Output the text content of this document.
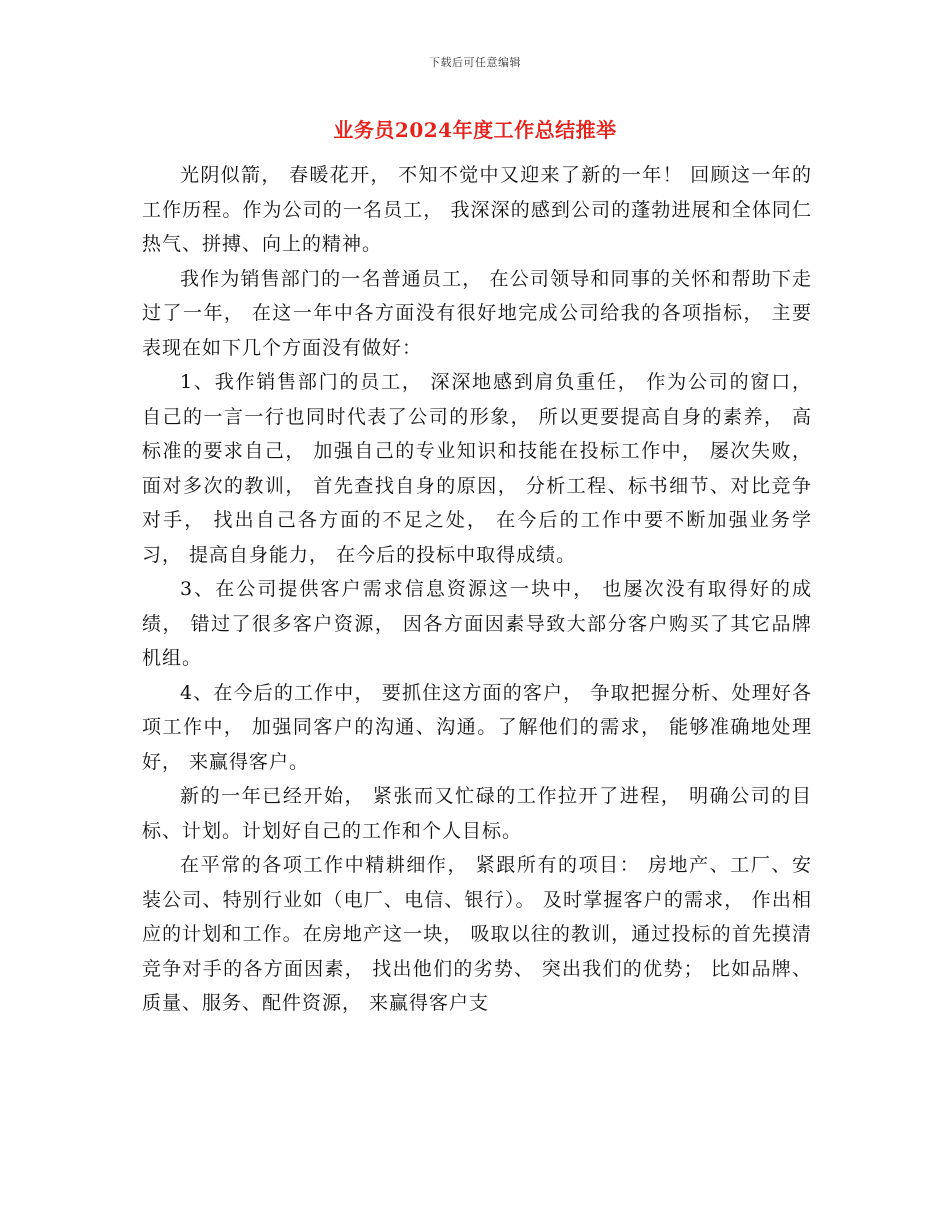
下载后可任意编辑
业务员2024年度工作总结推举

光阴似箭， 春暖花开， 不知不觉中又迎来了新的一年！ 回顾这一年的工作历程。作为公司的一名员工， 我深深的感到公司的蓬勃进展和全体同仁热气、拼搏、向上的精神。

我作为销售部门的一名普通员工， 在公司领导和同事的关怀和帮助下走过了一年， 在这一年中各方面没有很好地完成公司给我的各项指标， 主要表现在如下几个方面没有做好：

1、我作销售部门的员工， 深深地感到肩负重任， 作为公司的窗口， 自己的一言一行也同时代表了公司的形象， 所以更要提高自身的素养， 高标准的要求自己， 加强自己的专业知识和技能在投标工作中， 屡次失败， 面对多次的教训， 首先查找自身的原因， 分析工程、标书细节、对比竞争对手， 找出自己各方面的不足之处， 在今后的工作中要不断加强业务学习， 提高自身能力， 在今后的投标中取得成绩。

3、在公司提供客户需求信息资源这一块中， 也屡次没有取得好的成绩， 错过了很多客户资源， 因各方面因素导致大部分客户购买了其它品牌机组。

4、在今后的工作中， 要抓住这方面的客户， 争取把握分析、处理好各项工作中， 加强同客户的沟通、沟通。了解他们的需求， 能够准确地处理好， 来赢得客户。

新的一年已经开始， 紧张而又忙碌的工作拉开了进程， 明确公司的目标、计划。计划好自己的工作和个人目标。

在平常的各项工作中精耕细作， 紧跟所有的项目： 房地产、工厂、安装公司、特别行业如（电厂、电信、银行）。 及时掌握客户的需求， 作出相应的计划和工作。在房地产这一块， 吸取以往的教训，通过投标的首先摸清竞争对手的各方面因素， 找出他们的劣势、 突出我们的优势； 比如品牌、质量、服务、配件资源， 来赢得客户支
